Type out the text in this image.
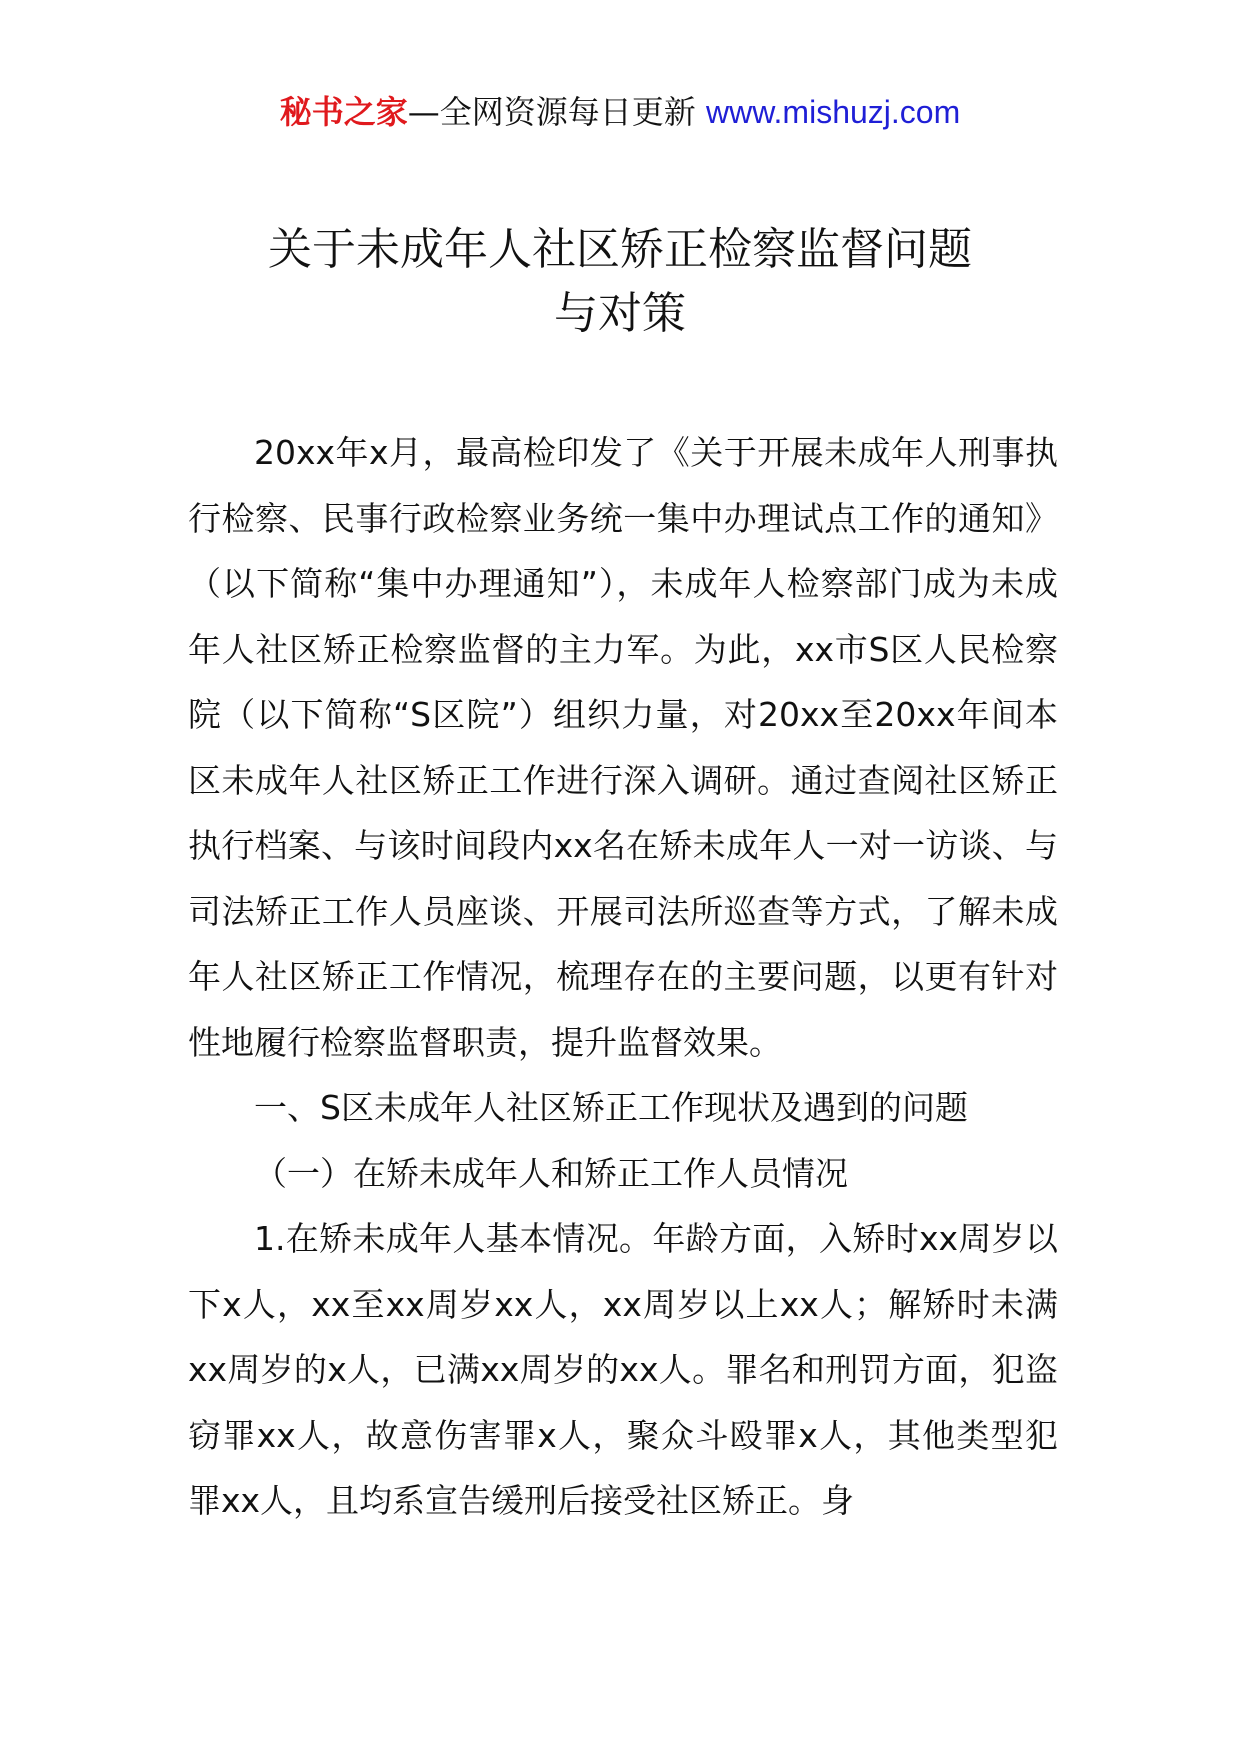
秘书之家—全网资源每日更新 www.mishuzj.com
关于未成年人社区矫正检察监督问题
与对策

20xx年x月，最高检印发了《关于开展未成年人刑事执行检察、民事行政检察业务统一集中办理试点工作的通知》（以下简称“集中办理通知”），未成年人检察部门成为未成年人社区矫正检察监督的主力军。为此，xx市S区人民检察院（以下简称“S区院”）组织力量，对20xx至20xx年间本区未成年人社区矫正工作进行深入调研。通过查阅社区矫正执行档案、与该时间段内xx名在矫未成年人一对一访谈、与司法矫正工作人员座谈、开展司法所巡查等方式，了解未成年人社区矫正工作情况，梳理存在的主要问题，以更有针对性地履行检察监督职责，提升监督效果。

一、S区未成年人社区矫正工作现状及遇到的问题

（一）在矫未成年人和矫正工作人员情况

1.在矫未成年人基本情况。年龄方面，入矫时xx周岁以下x人，xx至xx周岁xx人，xx周岁以上xx人；解矫时未满xx周岁的x人，已满xx周岁的xx人。罪名和刑罚方面，犯盗窃罪xx人，故意伤害罪x人，聚众斗殴罪x人，其他类型犯罪xx人，且均系宣告缓刑后接受社区矫正。身
